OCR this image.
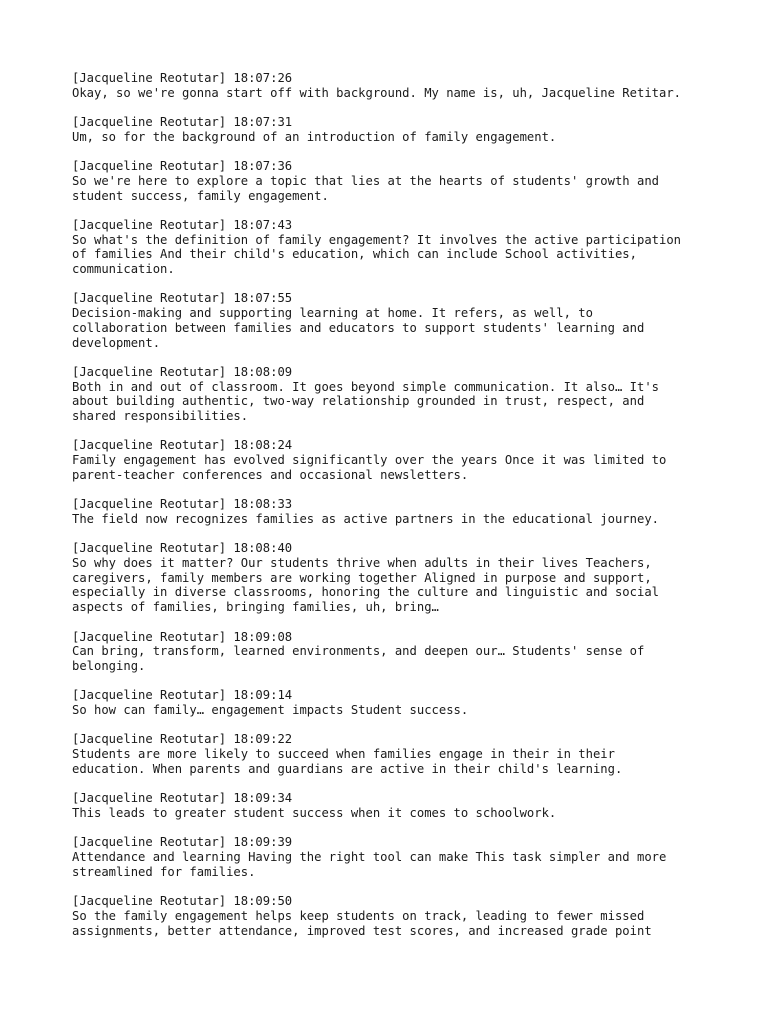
[Jacqueline Reotutar] 18:07:26
Okay, so we're gonna start off with background. My name is, uh, Jacqueline Retitar.
[Jacqueline Reotutar] 18:07:31
Um, so for the background of an introduction of family engagement.
[Jacqueline Reotutar] 18:07:36
So we're here to explore a topic that lies at the hearts of students' growth and
student success, family engagement.
[Jacqueline Reotutar] 18:07:43
So what's the definition of family engagement? It involves the active participation
of families And their child's education, which can include School activities,
communication.
[Jacqueline Reotutar] 18:07:55
Decision-making and supporting learning at home. It refers, as well, to
collaboration between families and educators to support students' learning and
development.
[Jacqueline Reotutar] 18:08:09
Both in and out of classroom. It goes beyond simple communication. It also… It's
about building authentic, two-way relationship grounded in trust, respect, and
shared responsibilities.
[Jacqueline Reotutar] 18:08:24
Family engagement has evolved significantly over the years Once it was limited to
parent-teacher conferences and occasional newsletters.
[Jacqueline Reotutar] 18:08:33
The field now recognizes families as active partners in the educational journey.
[Jacqueline Reotutar] 18:08:40
So why does it matter? Our students thrive when adults in their lives Teachers,
caregivers, family members are working together Aligned in purpose and support,
especially in diverse classrooms, honoring the culture and linguistic and social
aspects of families, bringing families, uh, bring…
[Jacqueline Reotutar] 18:09:08
Can bring, transform, learned environments, and deepen our… Students' sense of
belonging.
[Jacqueline Reotutar] 18:09:14
So how can family… engagement impacts Student success.
[Jacqueline Reotutar] 18:09:22
Students are more likely to succeed when families engage in their in their
education. When parents and guardians are active in their child's learning.
[Jacqueline Reotutar] 18:09:34
This leads to greater student success when it comes to schoolwork.
[Jacqueline Reotutar] 18:09:39
Attendance and learning Having the right tool can make This task simpler and more
streamlined for families.
[Jacqueline Reotutar] 18:09:50
So the family engagement helps keep students on track, leading to fewer missed
assignments, better attendance, improved test scores, and increased grade point
